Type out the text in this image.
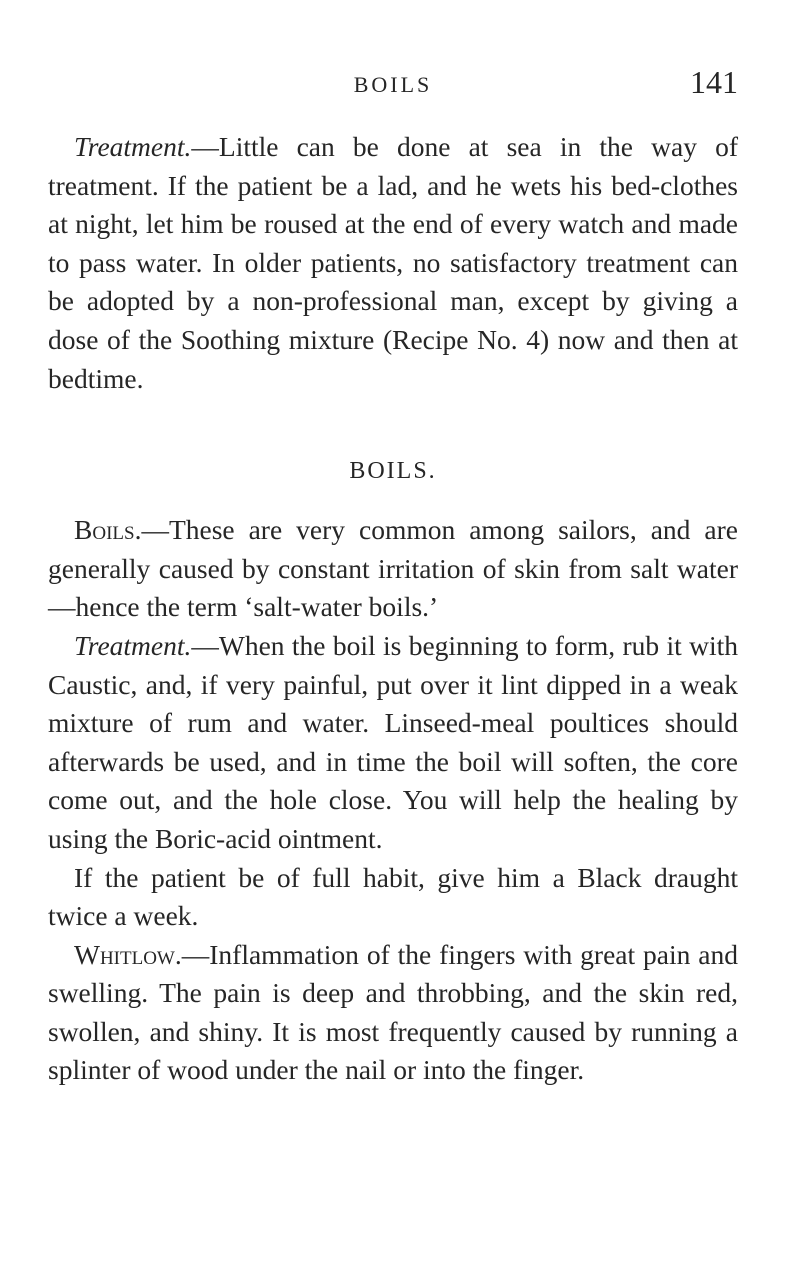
BOILS	141

Treatment.—Little can be done at sea in the way of treatment. If the patient be a lad, and he wets his bed-clothes at night, let him be roused at the end of every watch and made to pass water. In older patients, no satisfactory treatment can be adopted by a non-professional man, except by giving a dose of the Soothing mixture (Recipe No. 4) now and then at bedtime.

BOILS.

Boils.—These are very common among sailors, and are generally caused by constant irritation of skin from salt water—hence the term ‘salt-water boils.’

Treatment.—When the boil is beginning to form, rub it with Caustic, and, if very painful, put over it lint dipped in a weak mixture of rum and water. Linseed-meal poultices should afterwards be used, and in time the boil will soften, the core come out, and the hole close. You will help the healing by using the Boric-acid ointment.

If the patient be of full habit, give him a Black draught twice a week.

Whitlow.—Inflammation of the fingers with great pain and swelling. The pain is deep and throbbing, and the skin red, swollen, and shiny. It is most frequently caused by running a splinter of wood under the nail or into the finger.
